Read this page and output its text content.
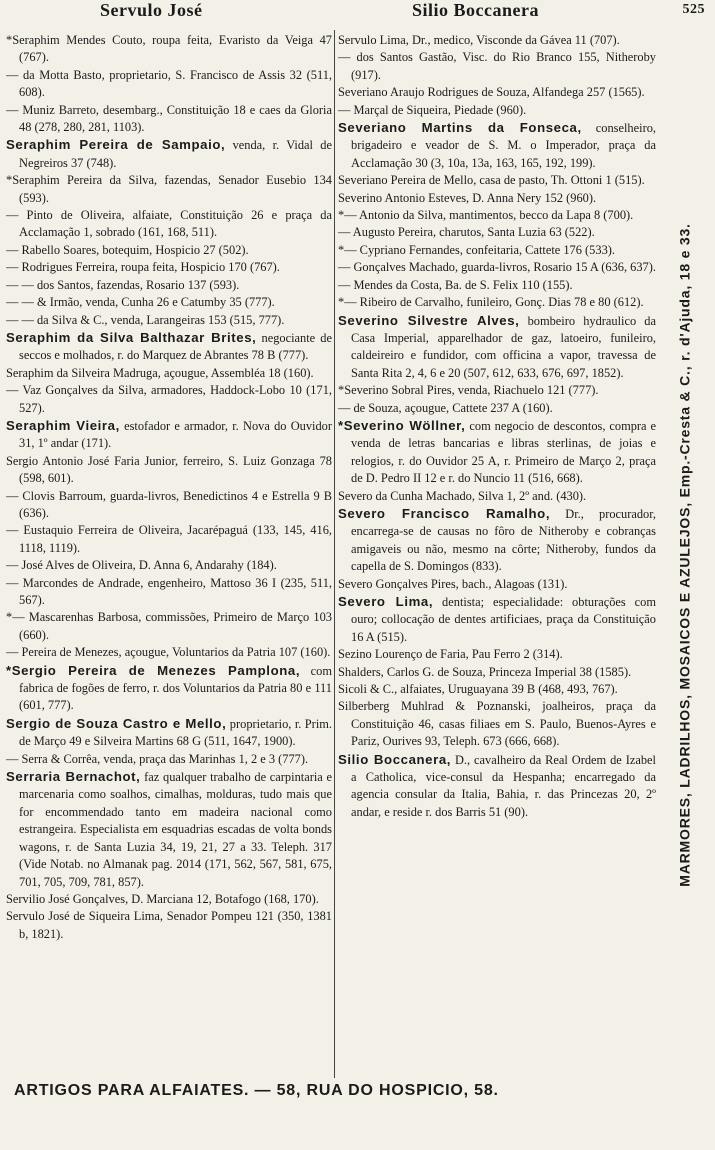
Servulo José	Silio Boccanera	525

*Seraphim Mendes Couto, roupa feita, Evaristo da Veiga 47 (767).

— da Motta Basto, proprietario, S. Francisco de Assis 32 (511, 608).

— Muniz Barreto, desembarg., Constituição 18 e caes da Gloria 48 (278, 280, 281, 1103).

Seraphim Pereira de Sampaio, venda, r. Vidal de Negreiros 37 (748).

*Seraphim Pereira da Silva, fazendas, Senador Eusebio 134 (593).

— Pinto de Oliveira, alfaiate, Constituição 26 e praça da Acclamação 1, sobrado (161, 168, 511).

— Rabello Soares, botequim, Hospicio 27 (502).

— Rodrigues Ferreira, roupa feita, Hospicio 170 (767).

— — dos Santos, fazendas, Rosario 137 (593).

— — & Irmão, venda, Cunha 26 e Catumby 35 (777).

— — da Silva & C., venda, Larangeiras 153 (515, 777).

Seraphim da Silva Balthazar Brites, negociante de seccos e molhados, r. do Marquez de Abrantes 78 B (777).

Seraphim da Silveira Madruga, açougue, Assembléa 18 (160).

— Vaz Gonçalves da Silva, armadores, Haddock-Lobo 10 (171, 527).

Seraphim Vieira, estofador e armador, r. Nova do Ouvidor 31, 1º andar (171).

Sergio Antonio José Faria Junior, ferreiro, S. Luiz Gonzaga 78 (598, 601).

— Clovis Barroum, guarda-livros, Benedictinos 4 e Estrella 9 B (636).

— Eustaquio Ferreira de Oliveira, Jacarépaguá (133, 145, 416, 1118, 1119).

— José Alves de Oliveira, D. Anna 6, Andarahy (184).

— Marcondes de Andrade, engenheiro, Mattoso 36 I (235, 511, 567).

*— Mascarenhas Barbosa, commissões, Primeiro de Março 103 (660).

— Pereira de Menezes, açougue, Voluntarios da Patria 107 (160).

*Sergio Pereira de Menezes Pamplona, com fabrica de fogões de ferro, r. dos Voluntarios da Patria 80 e 111 (601, 777).

Sergio de Souza Castro e Mello, proprietario, r. Prim. de Março 49 e Silveira Martins 68 G (511, 1647, 1900).

— Serra & Corrêa, venda, praça das Marinhas 1, 2 e 3 (777).

Serraria Bernachot, faz qualquer trabalho de carpintaria e marcenaria como soalhos, cimalhas, molduras, tudo mais que for encommendado tanto em madeira nacional como estrangeira. Especialista em esquadrias escadas de volta bonds wagons, r. de Santa Luzia 34, 19, 21, 27 a 33. Teleph. 317 (Vide Notab. no Almanak pag. 2014 (171, 562, 567, 581, 675, 701, 705, 709, 781, 857).

Servilio José Gonçalves, D. Marciana 12, Botafogo (168, 170).

Servulo José de Siqueira Lima, Senador Pompeu 121 (350, 1381 b, 1821).

Servulo Lima, Dr., medico, Visconde da Gávea 11 (707).

— dos Santos Gastão, Visc. do Rio Branco 155, Nitheroby (917).

Severiano Araujo Rodrigues de Souza, Alfandega 257 (1565).

— Marçal de Siqueira, Piedade (960).

Severiano Martins da Fonseca, conselheiro, brigadeiro e veador de S. M. o Imperador, praça da Acclamação 30 (3, 10a, 13a, 163, 165, 192, 199).

Severiano Pereira de Mello, casa de pasto, Th. Ottoni 1 (515).

Severino Antonio Esteves, D. Anna Nery 152 (960).

*— Antonio da Silva, mantimentos, becco da Lapa 8 (700).

— Augusto Pereira, charutos, Santa Luzia 63 (522).

*— Cypriano Fernandes, confeitaria, Cattete 176 (533).

— Gonçalves Machado, guarda-livros, Rosario 15 A (636, 637).

— Mendes da Costa, Ba. de S. Felix 110 (155).

*— Ribeiro de Carvalho, funileiro, Gonç. Dias 78 e 80 (612).

Severino Silvestre Alves, bombeiro hydraulico da Casa Imperial, apparelhador de gaz, latoeiro, funileiro, caldeireiro e fundidor, com officina a vapor, travessa de Santa Rita 2, 4, 6 e 20 (507, 612, 633, 676, 697, 1852).

*Severino Sobral Pires, venda, Riachuelo 121 (777).

— de Souza, açougue, Cattete 237 A (160).

*Severino Wöllner, com negocio de descontos, compra e venda de letras bancarias e libras sterlinas, de joias e relogios, r. do Ouvidor 25 A, r. Primeiro de Março 2, praça de D. Pedro II 12 e r. do Nuncio 11 (516, 668).

Severo da Cunha Machado, Silva 1, 2º and. (430).

Severo Francisco Ramalho, Dr., procurador, encarrega-se de causas no fôro de Nitheroby e cobranças amigaveis ou não, mesmo na côrte; Nitheroby, fundos da capella de S. Domingos (833).

Severo Gonçalves Pires, bach., Alagoas (131).

Severo Lima, dentista; especialidade: obturações com ouro; collocação de dentes artificiaes, praça da Constituição 16 A (515).

Sezino Lourenço de Faria, Pau Ferro 2 (314).

Shalders, Carlos G. de Souza, Princeza Imperial 38 (1585).

Sicoli & C., alfaiates, Uruguayana 39 B (468, 493, 767).

Silberberg Muhlrad & Poznanski, joalheiros, praça da Constituição 46, casas filiaes em S. Paulo, Buenos-Ayres e Pariz, Ourives 93, Teleph. 673 (666, 668).

Silio Boccanera, D., cavalheiro da Real Ordem de Izabel a Catholica, vice-consul da Hespanha; encarregado da agencia consular da Italia, Bahia, r. das Princezas 20, 2º andar, e reside r. dos Barris 51 (90).	MARMORES, LADRILHOS, MOSAICOS E AZULEJOS, Emp.-Cresta & C., r. d'Ajuda, 18 e 33.
ARTIGOS PARA ALFAIATES. — 58, RUA DO HOSPICIO, 58.
